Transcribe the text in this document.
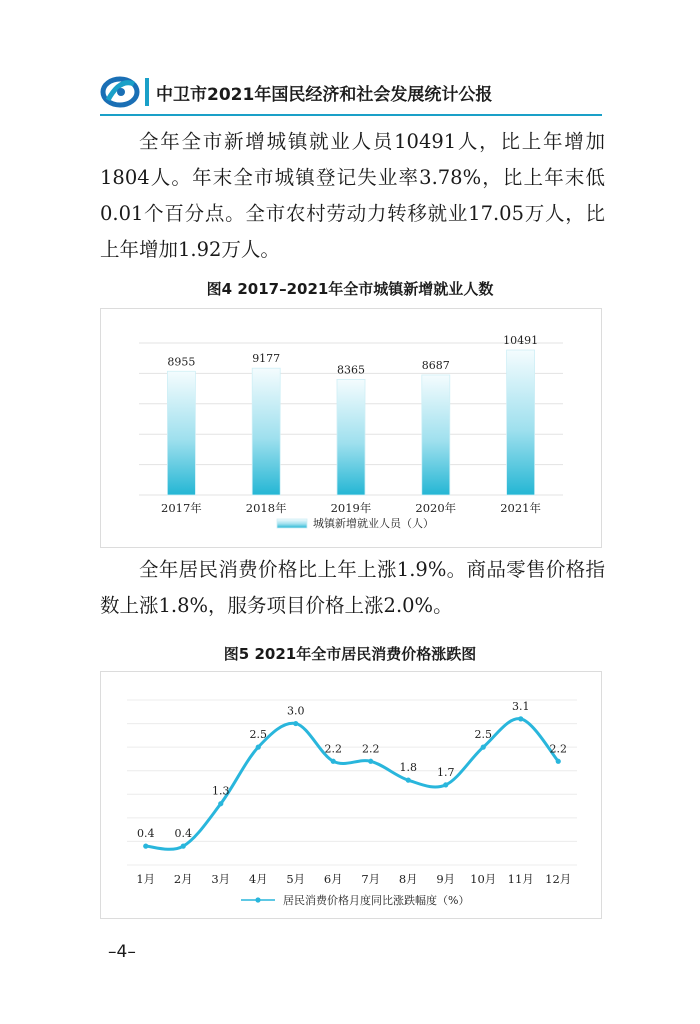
中卫市2021年国民经济和社会发展统计公报

全年全市新增城镇就业人员10491人，比上年增加1804人。年末全市城镇登记失业率3.78%，比上年末低0.01个百分点。全市农村劳动力转移就业17.05万人，比上年增加1.92万人。

图4 2017–2021年全市城镇新增就业人数
8955
2017年
9177
2018年
8365
2019年
8687
2020年
10491
2021年
城镇新增就业人员（人）

全年居民消费价格比上年上涨1.9%。商品零售价格指数上涨1.8%，服务项目价格上涨2.0%。

图5 2021年全市居民消费价格涨跌图
0.4
1月
0.4
2月
1.3
3月
2.5
4月
3.0
5月
2.2
6月
2.2
7月
1.8
8月
1.7
9月
2.5
10月
3.1
11月
2.2
12月
居民消费价格月度同比涨跌幅度（%）
–4–
